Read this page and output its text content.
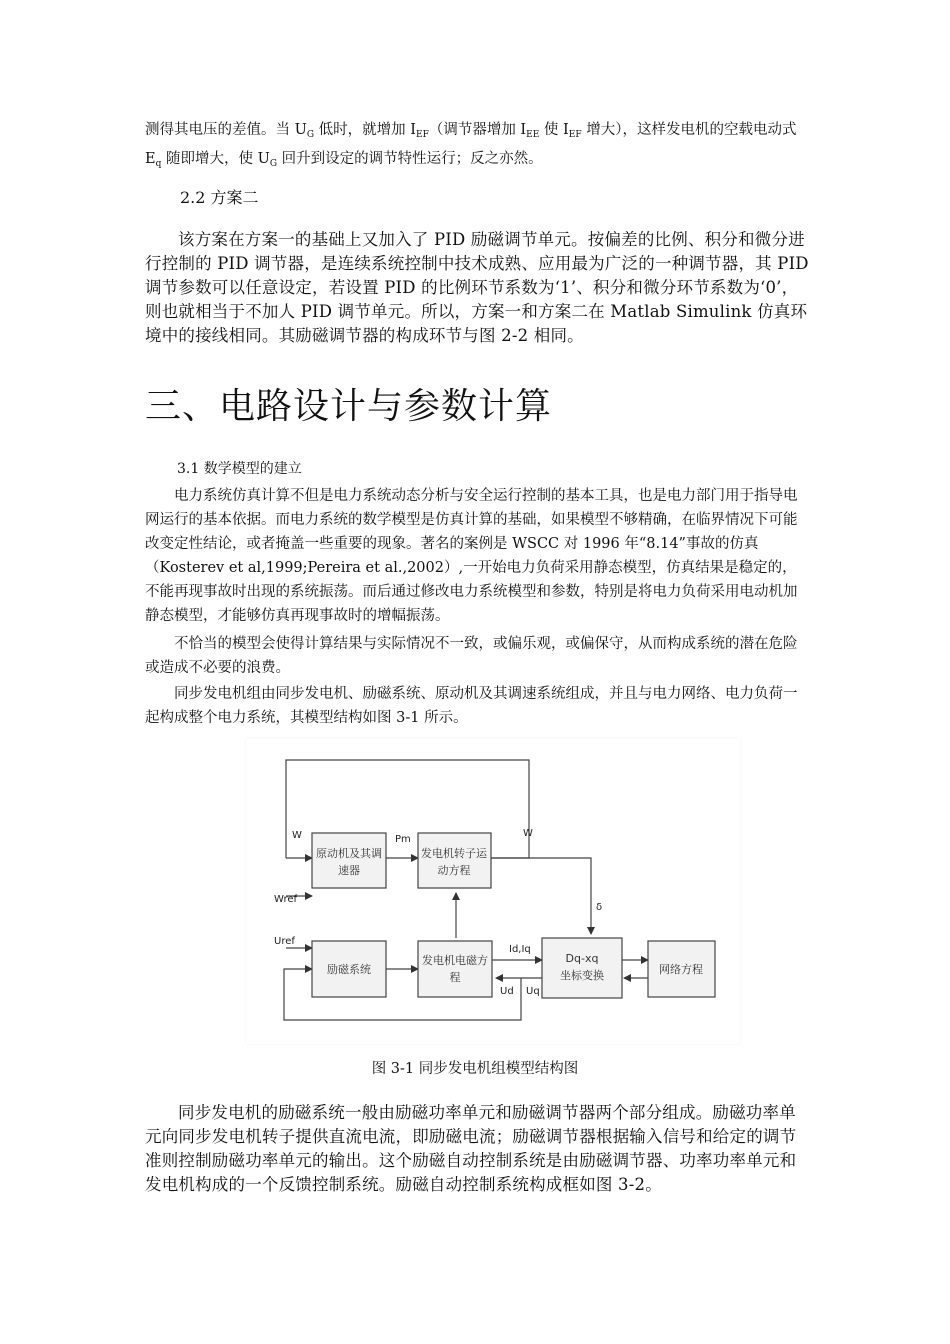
测得其电压的差值。当 $U_G$ 低时，就增加 $I_{EF}$（调节器增加 $I_{EE}$ 使 $I_{EF}$ 增大），这样发电机的空载电动式 $E_q$ 随即增大，使 $U_G$ 回升到设定的调节特性运行；反之亦然。

2.2 方案二

该方案在方案一的基础上又加入了 PID 励磁调节单元。按偏差的比例、积分和微分进行控制的 PID 调节器，是连续系统控制中技术成熟、应用最为广泛的一种调节器，其 PID 调节参数可以任意设定，若设置 PID 的比例环节系数为‘1’、积分和微分环节系数为‘0’，则也就相当于不加人 PID 调节单元。所以，方案一和方案二在 Matlab Simulink 仿真环境中的接线相同。其励磁调节器的构成环节与图 2-2 相同。

三、电路设计与参数计算
3.1 数学模型的建立

电力系统仿真计算不但是电力系统动态分析与安全运行控制的基本工具，也是电力部门用于指导电网运行的基本依据。而电力系统的数学模型是仿真计算的基础，如果模型不够精确，在临界情况下可能改变定性结论，或者掩盖一些重要的现象。著名的案例是 WSCC 对 1996 年“8.14”事故的仿真（Kosterev et al,1999;Pereira et al.,2002）,一开始电力负荷采用静态模型，仿真结果是稳定的，不能再现事故时出现的系统振荡。而后通过修改电力系统模型和参数，特别是将电力负荷采用电动机加静态模型，才能够仿真再现事故时的增幅振荡。

不恰当的模型会使得计算结果与实际情况不一致，或偏乐观，或偏保守，从而构成系统的潜在危险或造成不必要的浪费。

同步发电机组由同步发电机、励磁系统、原动机及其调速系统组成，并且与电力网络、电力负荷一起构成整个电力系统，其模型结构如图 3-1 所示。

原动机及其调
速器
发电机转子运
动方程
励磁系统
发电机电磁方
程
Dq-xq
坐标变换	网络方程
W	W
Pm
Wref
Uref
δ
Id,Iq
Ud Uq
图 3-1 同步发电机组模型结构图

同步发电机的励磁系统一般由励磁功率单元和励磁调节器两个部分组成。励磁功率单元向同步发电机转子提供直流电流，即励磁电流；励磁调节器根据输入信号和给定的调节准则控制励磁功率单元的输出。这个励磁自动控制系统是由励磁调节器、功率功率单元和发电机构成的一个反馈控制系统。励磁自动控制系统构成框如图 3-2。
